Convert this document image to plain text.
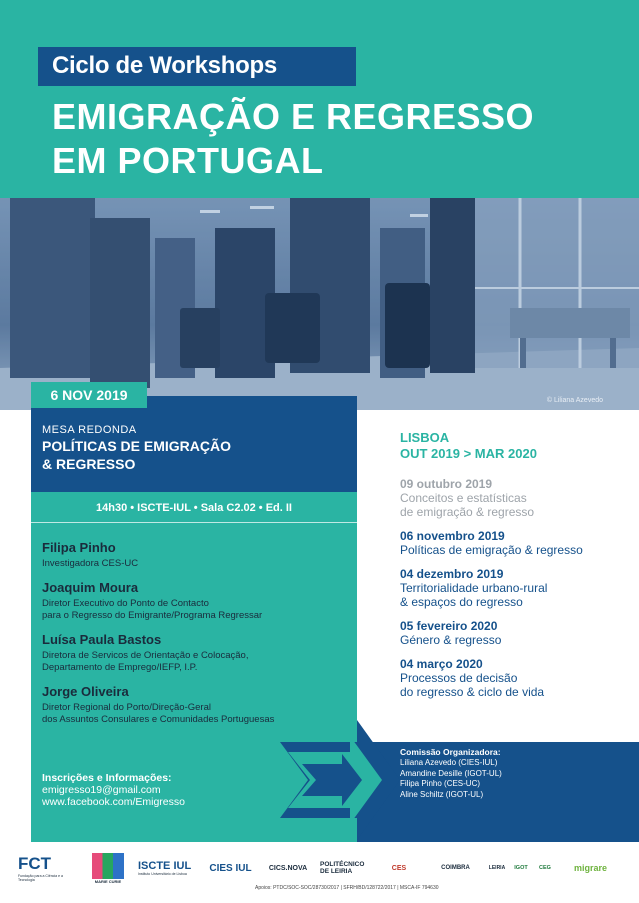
Ciclo de Workshops
EMIGRAÇÃO E REGRESSO
EM PORTUGAL
© Liliana Azevedo
6 NOV 2019
MESA REDONDA
POLÍTICAS DE EMIGRAÇÃO
& REGRESSO
14h30 • ISCTE-IUL • Sala C2.02 • Ed. II
Filipa Pinho
Investigadora CES-UC
Joaquim Moura
Diretor Executivo do Ponto de Contacto
para o Regresso do Emigrante/Programa Regressar
Luísa Paula Bastos
Diretora de Servicos de Orientação e Colocação,
Departamento de Emprego/IEFP, I.P.
Jorge Oliveira
Diretor Regional do Porto/Direção-Geral
dos Assuntos Consulares e Comunidades Portuguesas
Inscrições e Informações:
emigresso19@gmail.com
www.facebook.com/Emigresso
LISBOA
OUT 2019 > MAR 2020
09 outubro 2019
Conceitos e estatísticas
de emigração & regresso
06 novembro 2019
Políticas de emigração & regresso
04 dezembro 2019
Territorialidade urbano-rural
& espaços do regresso
05 fevereiro 2020
Género & regresso
04 março 2020
Processos de decisão
do regresso & ciclo de vida
Comissão Organizadora:
Liliana Azevedo (CIES-IUL)
Amandine Desille (IGOT-UL)
Filipa Pinho (CES-UC)
Aline Schiltz (IGOT-UL)
FCT
Fundação para a Ciência e a Tecnologia	MARIE CURIE
ISCTE IUL
Instituto Universitário de Lisboa
CIES IUL CICS.NOVA POLITÉCNICO DE LEIRIA	CES	COIMBRA	LEIRIA IGOT CEG	migrare
Apoios: PTDC/SOC-SOC/28730/2017 | SFRH/BD/128722/2017 | MSCA-IF 794630
